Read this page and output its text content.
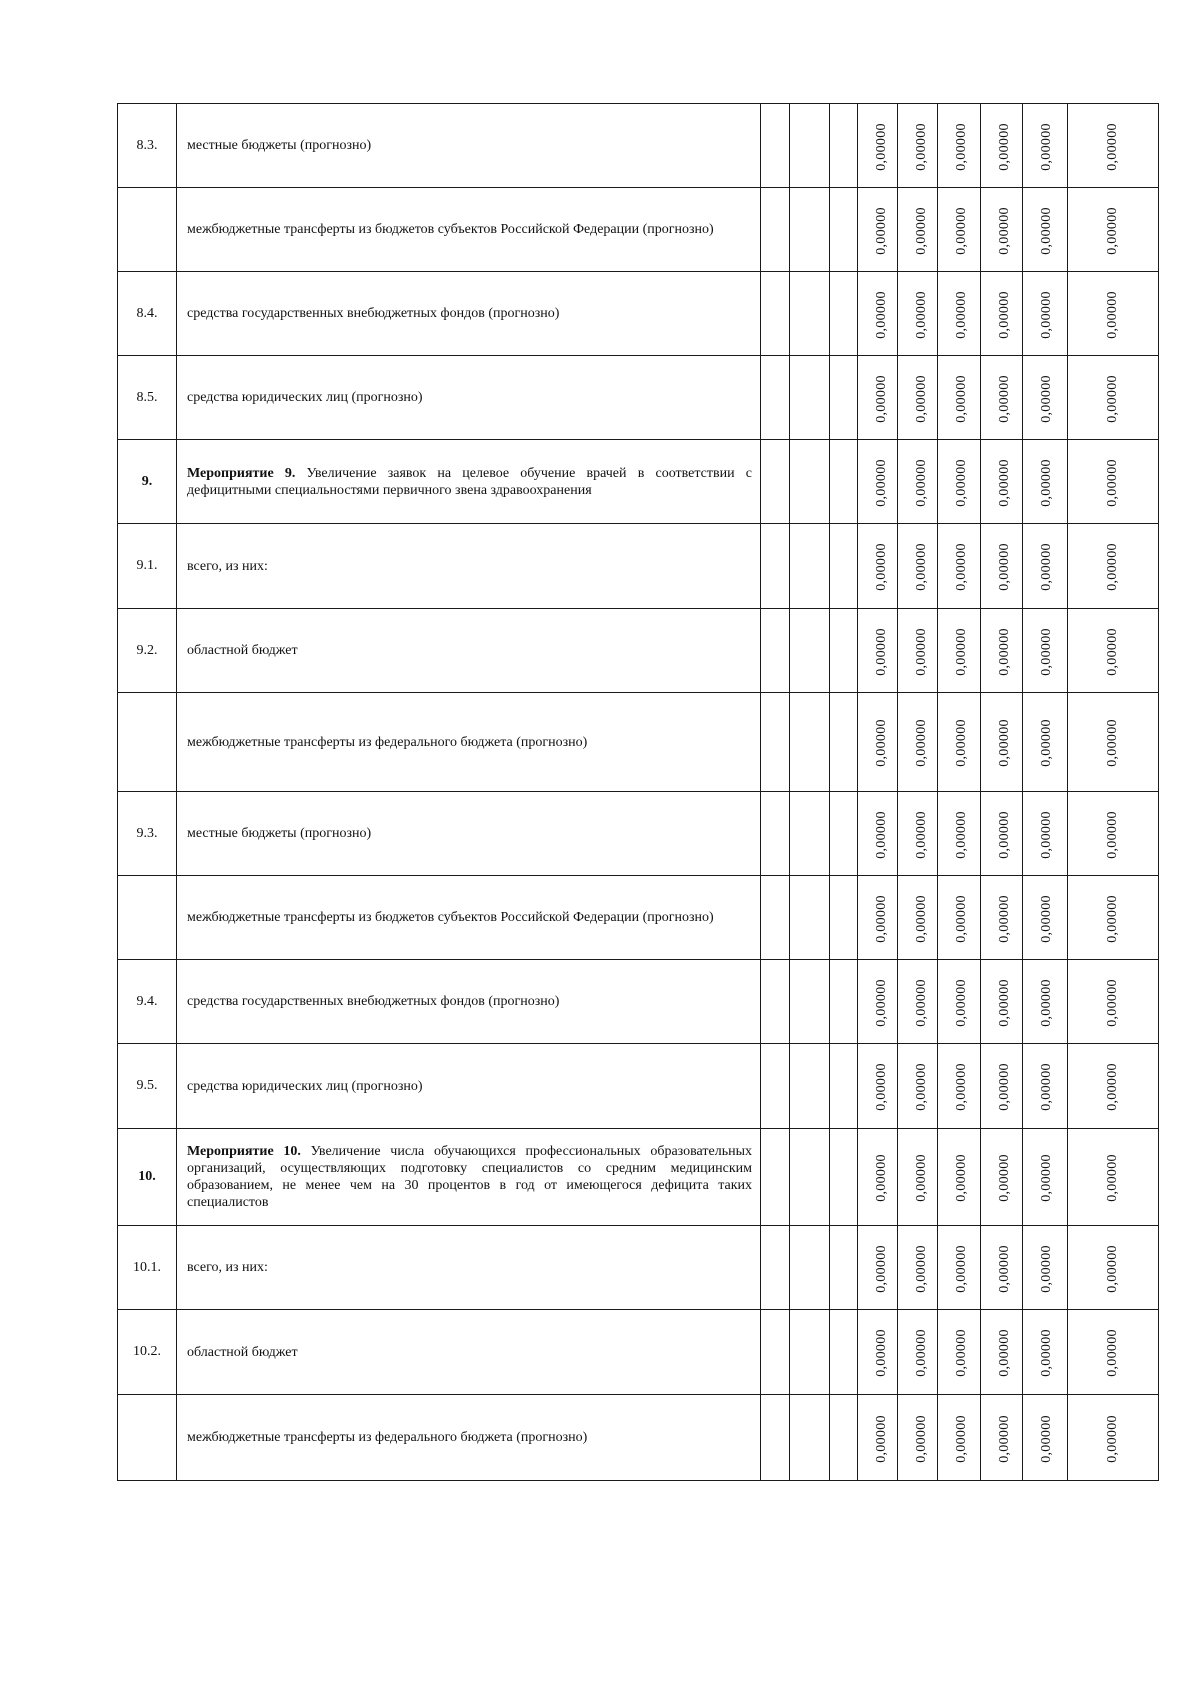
8.3.	местные бюджеты (прогнозно)				0,00000	0,00000	0,00000	0,00000	0,00000	0,00000
	межбюджетные трансферты из бюджетов субъектов Российской Федерации (прогнозно)				0,00000	0,00000	0,00000	0,00000	0,00000	0,00000
8.4.	средства государственных внебюджетных фондов (прогнозно)				0,00000	0,00000	0,00000	0,00000	0,00000	0,00000
8.5.	средства юридических лиц (прогнозно)				0,00000	0,00000	0,00000	0,00000	0,00000	0,00000
9.	Мероприятие 9. Увеличение заявок на целевое обучение врачей в соответствии с дефицитными специальностями первичного звена здравоохранения				0,00000	0,00000	0,00000	0,00000	0,00000	0,00000
9.1.	всего, из них:				0,00000	0,00000	0,00000	0,00000	0,00000	0,00000
9.2.	областной бюджет				0,00000	0,00000	0,00000	0,00000	0,00000	0,00000
	межбюджетные трансферты из федерального бюджета (прогнозно)				0,00000	0,00000	0,00000	0,00000	0,00000	0,00000
9.3.	местные бюджеты (прогнозно)				0,00000	0,00000	0,00000	0,00000	0,00000	0,00000
	межбюджетные трансферты из бюджетов субъектов Российской Федерации (прогнозно)				0,00000	0,00000	0,00000	0,00000	0,00000	0,00000
9.4.	средства государственных внебюджетных фондов (прогнозно)				0,00000	0,00000	0,00000	0,00000	0,00000	0,00000
9.5.	средства юридических лиц (прогнозно)				0,00000	0,00000	0,00000	0,00000	0,00000	0,00000
10.	Мероприятие 10. Увеличение числа обучающихся профессиональных образовательных организаций, осуществляющих подготовку специалистов со средним медицинским образованием, не менее чем на 30 процентов в год от имеющегося дефицита таких специалистов				0,00000	0,00000	0,00000	0,00000	0,00000	0,00000
10.1.	всего, из них:				0,00000	0,00000	0,00000	0,00000	0,00000	0,00000
10.2.	областной бюджет				0,00000	0,00000	0,00000	0,00000	0,00000	0,00000
	межбюджетные трансферты из федерального бюджета (прогнозно)				0,00000	0,00000	0,00000	0,00000	0,00000	0,00000
